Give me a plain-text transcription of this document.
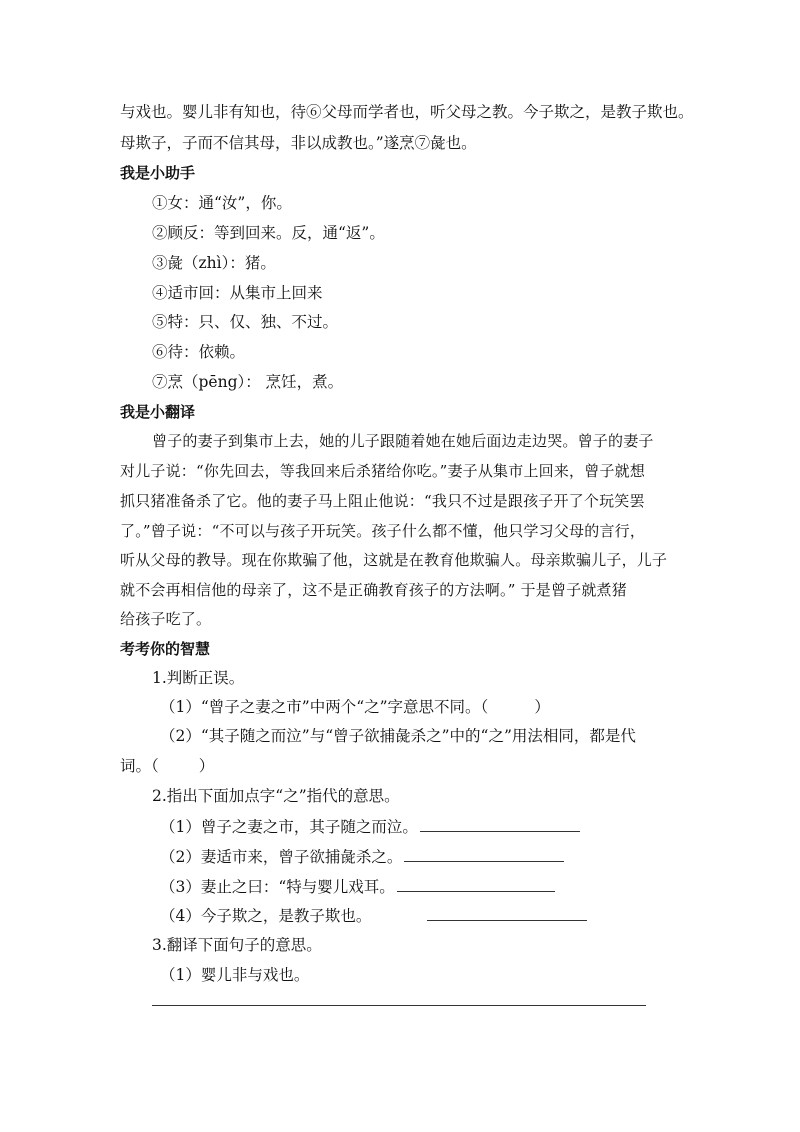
与戏也。婴儿非有知也，待⑥父母而学者也，听父母之教。今子欺之，是教子欺也。
母欺子，子而不信其母，非以成教也。”遂烹⑦彘也。
我是小助手
①女：通“汝”，你。
②顾反：等到回来。反，通“返”。
③彘（zhì）：猪。
④适市回：从集市上回来
⑤特：只、仅、独、不过。
⑥待：依赖。
⑦烹（pēng）： 烹饪，煮。
我是小翻译
曾子的妻子到集市上去，她的儿子跟随着她在她后面边走边哭。曾子的妻子
对儿子说：“你先回去，等我回来后杀猪给你吃。”妻子从集市上回来，曾子就想
抓只猪准备杀了它。他的妻子马上阻止他说：“我只不过是跟孩子开了个玩笑罢
了。”曾子说：“不可以与孩子开玩笑。孩子什么都不懂，他只学习父母的言行，
听从父母的教导。现在你欺骗了他，这就是在教育他欺骗人。母亲欺骗儿子，儿子
就不会再相信他的母亲了，这不是正确教育孩子的方法啊。” 于是曾子就煮猪
给孩子吃了。
考考你的智慧
1.判断正误。
（1）“曾子之妻之市”中两个“之”字意思不同。（	）
（2）“其子随之而泣”与“曾子欲捕彘杀之”中的“之”用法相同，都是代
词。（	）
2.指出下面加点字“之”指代的意思。
（1）曾子之妻之市，其子随之而泣。
（2）妻适市来，曾子欲捕彘杀之。
（3）妻止之曰：“特与婴儿戏耳。
（4）今子欺之，是教子欺也。
3.翻译下面句子的意思。
（1）婴儿非与戏也。
